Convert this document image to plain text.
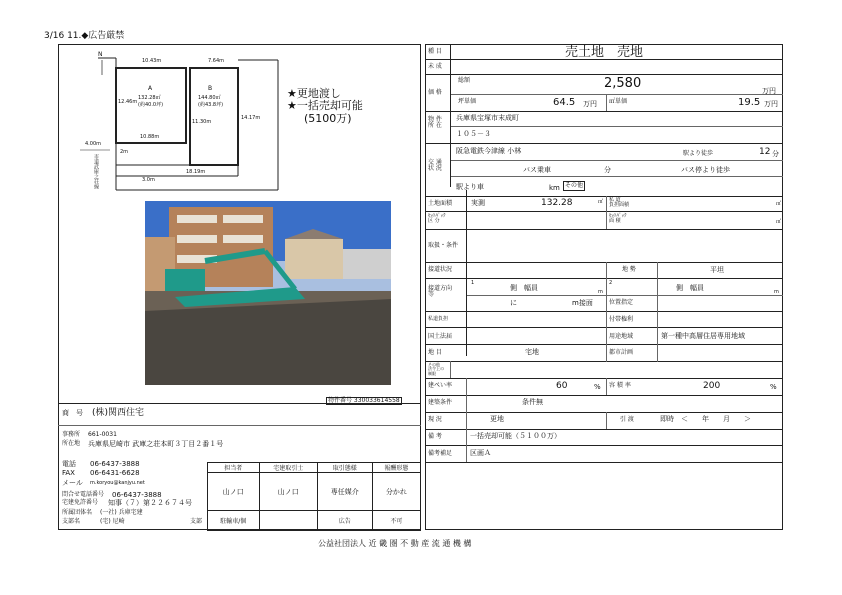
3/16 11.◆広告厳禁
N
10.43m	7.64m
A
132.28㎡
(約40.0坪)
B
144.80㎡
(約43.8坪)
12.46m
10.88m
11.30m
14.17m
18.19m
4.00m
2m
3.0m
市道武庫之荘線
★更地渡し
★一括売却可能
(5100万)
物件番号 330033614558
商　号 (株)関西住宅
事務所 661-0031
所在地 兵庫県尼崎市 武庫之荘本町３丁目２番１号
電話 06-6437-3888
FAX 06-6431-6628
メール m.koryou@kanjyu.net
問合せ電話番号 06-6437-3888
宅建免許番号 知事（７）第２２６７４号
所属団体名 (一社) 兵庫宅建
支部名	(宅) 尼崎	支部
担当者	宅建取引士	取引態様	報酬形態
山ノ口	山ノ口	専任媒介	分かれ
駐輸車/個		広告	不可
種 目	売土地　売地
未 成
価 格
総額	2,580	万円
坪単価	64.5 万円 ㎡単価	19.5 万円
物 件
所 在
兵庫県宝塚市末成町
１０５－３
交 通
状 況
阪急電鉄今津線 小林	駅より徒歩	12 分
バス乗車	分	バス停より徒歩
駅より車	km その他
土地面積	実測	132.28	㎡ 私 道
負担面積	㎡
ｾｯﾄﾊﾞｯｸ
区 分
ｾｯﾄﾊﾞｯｸ
面 積	㎡
取扱・条件
接道状況	地 勢	平坦
接道方向
等
1
側　幅員	m
2
側　幅員	m
に	m接面	位置指定
私道負担	付帯権利
国土法届	用途地域	第一種中高層住居専用地域
地 目	宅地	都市計画
その他
法令上の
制限
建ぺい率	60	% 容 積 率	200	%
建築条件	条件無
現 況	更地	引 渡	即時　＜　　年　　月　　＞
備 考	一括売却可能（５１００万）
備考補足	区画Ａ
公益社団法人 近 畿 圏 不 動 産 流 通 機 構
